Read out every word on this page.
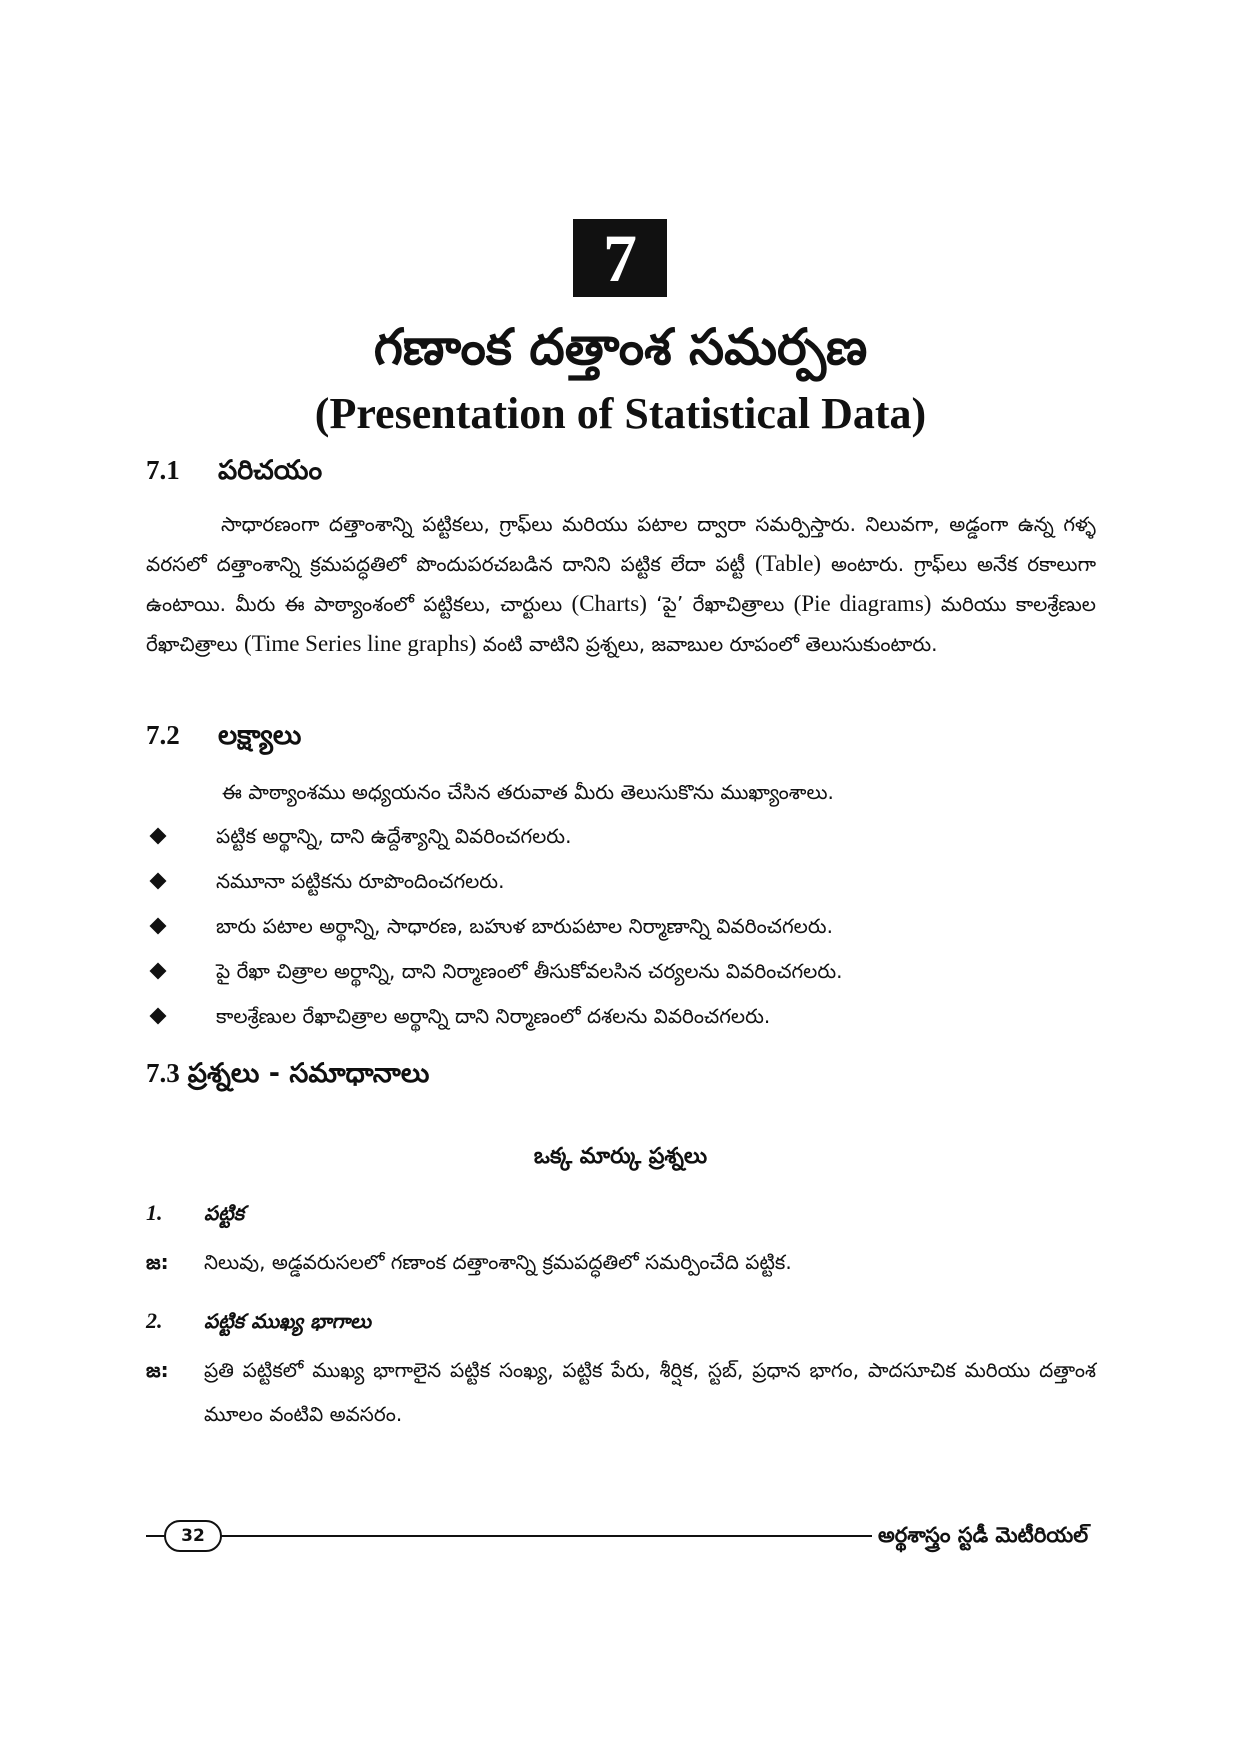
7
గణాంక దత్తాంశ సమర్పణ
(Presentation of Statistical Data)
7.1 పరిచయం
సాధారణంగా దత్తాంశాన్ని పట్టికలు, గ్రాఫ్‌లు మరియు పటాల ద్వారా సమర్పిస్తారు. నిలువగా, అడ్డంగా ఉన్న గళ్ళ వరసలో దత్తాంశాన్ని క్రమపద్ధతిలో పొందుపరచబడిన దానిని పట్టిక లేదా పట్టీ (Table) అంటారు. గ్రాఫ్‌లు అనేక రకాలుగా ఉంటాయి. మీరు ఈ పాఠ్యాంశంలో పట్టికలు, చార్టులు (Charts) ‘పై’ రేఖాచిత్రాలు (Pie diagrams) మరియు కాలశ్రేణుల రేఖాచిత్రాలు (Time Series line graphs) వంటి వాటిని ప్రశ్నలు, జవాబుల రూపంలో తెలుసుకుంటారు.
7.2 లక్ష్యాలు
ఈ పాఠ్యాంశము అధ్యయనం చేసిన తరువాత మీరు తెలుసుకొను ముఖ్యాంశాలు.
పట్టిక అర్థాన్ని, దాని ఉద్దేశ్యాన్ని వివరించగలరు.
నమూనా పట్టికను రూపొందించగలరు.
బారు పటాల అర్థాన్ని, సాధారణ, బహుళ బారుపటాల నిర్మాణాన్ని వివరించగలరు.
పై రేఖా చిత్రాల అర్థాన్ని, దాని నిర్మాణంలో తీసుకోవలసిన చర్యలను వివరించగలరు.
కాలశ్రేణుల రేఖాచిత్రాల అర్థాన్ని దాని నిర్మాణంలో దశలను వివరించగలరు.
7.3 ప్రశ్నలు - సమాధానాలు
ఒక్క మార్కు ప్రశ్నలు
1.	పట్టిక
జ: నిలువు, అడ్డవరుసలలో గణాంక దత్తాంశాన్ని క్రమపద్ధతిలో సమర్పించేది పట్టిక.
2.	పట్టిక ముఖ్య భాగాలు
జ: ప్రతి పట్టికలో ముఖ్య భాగాలైన పట్టిక సంఖ్య, పట్టిక పేరు, శీర్షిక, స్టబ్, ప్రధాన భాగం, పాదసూచిక మరియు దత్తాంశ మూలం వంటివి అవసరం.
32	అర్థశాస్త్రం స్టడీ మెటీరియల్
